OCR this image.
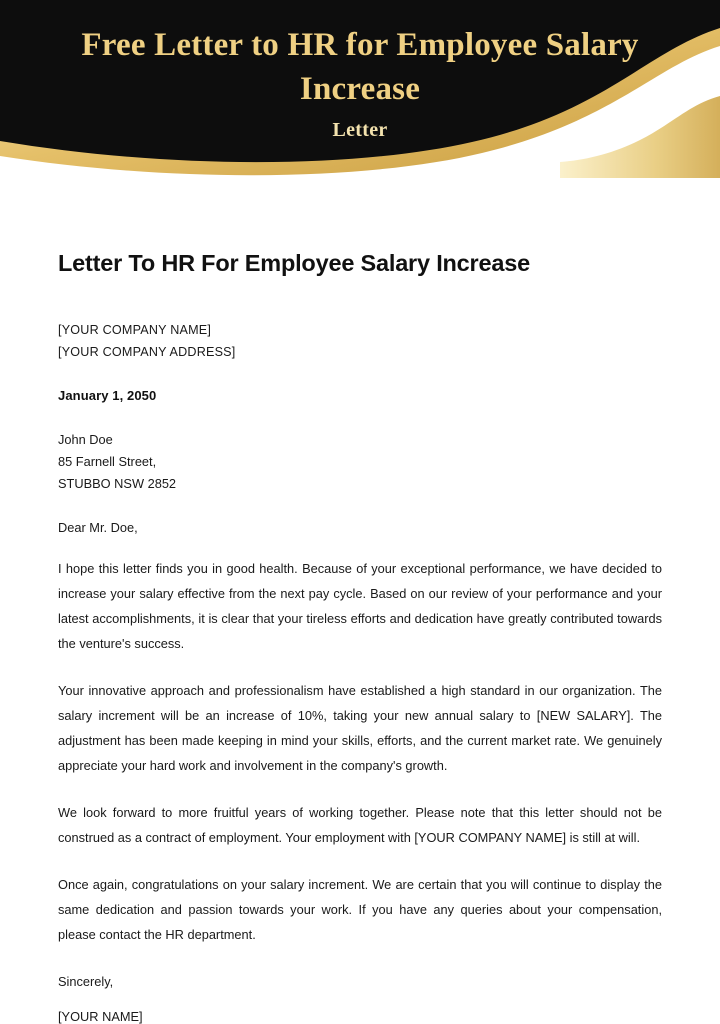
Free Letter to HR for Employee Salary Increase
Letter
Letter To HR For Employee Salary Increase
[YOUR COMPANY NAME]
[YOUR COMPANY ADDRESS]
January 1, 2050
John Doe
85 Farnell Street,
STUBBO NSW 2852
Dear Mr. Doe,
I hope this letter finds you in good health. Because of your exceptional performance, we have decided to increase your salary effective from the next pay cycle. Based on our review of your performance and your latest accomplishments, it is clear that your tireless efforts and dedication have greatly contributed towards the venture's success.
Your innovative approach and professionalism have established a high standard in our organization. The salary increment will be an increase of 10%, taking your new annual salary to [NEW SALARY]. The adjustment has been made keeping in mind your skills, efforts, and the current market rate. We genuinely appreciate your hard work and involvement in the company's growth.
We look forward to more fruitful years of working together. Please note that this letter should not be construed as a contract of employment. Your employment with [YOUR COMPANY NAME] is still at will.
Once again, congratulations on your salary increment. We are certain that you will continue to display the same dedication and passion towards your work. If you have any queries about your compensation, please contact the HR department.
Sincerely,
[YOUR NAME]
